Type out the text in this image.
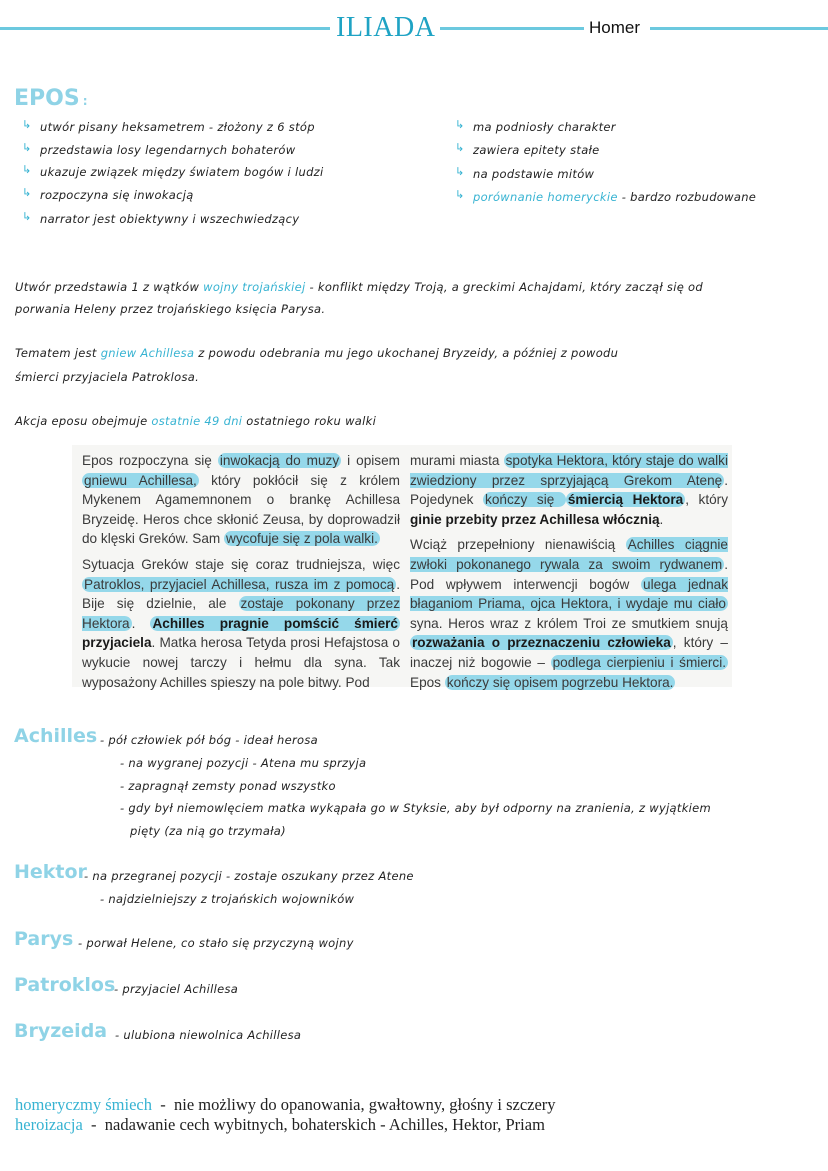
ILIADA	Homer
EPOS :

Epos rozpoczyna się inwokacją do muzy i opisem gniewu Achillesa, który pokłócił się z królem Mykenem Agamemnonem o brankę Achillesa Bryzeidę. Heros chce skłonić Zeusa, by doprowadził do klęski Greków. Sam wycofuje się z pola walki.

Sytuacja Greków staje się coraz trudniejsza, więc Patroklos, przyjaciel Achillesa, rusza im z pomocą . Bije się dzielnie, ale zostaje pokonany przez Hektora . Achilles pragnie pomścić śmierć przyjaciela. Matka herosa Tetyda prosi Hefajstosa o wykucie nowej tarczy i hełmu dla syna. Tak wyposażony Achilles spieszy na pole bitwy. Pod

murami miasta spotyka Hektora, który staje do walki zwiedziony przez sprzyjającą Grekom Atenę . Pojedynek kończy się śmiercią Hektora , który ginie przebity przez Achillesa włócznią.

Wciąż przepełniony nienawiścią Achilles ciągnie zwłoki pokonanego rywala za swoim rydwanem . Pod wpływem interwencji bogów ulega jednak błaganiom Priama, ojca Hektora, i wydaje mu ciało syna. Heros wraz z królem Troi ze smutkiem snują rozważania o przeznaczeniu człowieka , który – inaczej niż bogowie – podlega cierpieniu i śmierci. Epos kończy się opisem pogrzebu Hektora.

↳ utwór pisany heksametrem - złożony z 6 stóp
↳ przedstawia losy legendarnych bohaterów
↳ ukazuje związek między światem bogów i ludzi
↳ rozpoczyna się inwokacją
↳ narrator jest obiektywny i wszechwiedzący
↳ ma podniosły charakter
↳ zawiera epitety stałe
↳ na podstawie mitów
↳ porównanie homeryckie - bardzo rozbudowane
Utwór przedstawia 1 z wątków wojny trojańskiej - konflikt między Troją, a greckimi Achajdami, który zaczął się od
porwania Heleny przez trojańskiego księcia Parysa.
Tematem jest gniew Achillesa z powodu odebrania mu jego ukochanej Bryzeidy, a później z powodu
śmierci przyjaciela Patroklosa.
Akcja eposu obejmuje ostatnie 49 dni ostatniego roku walki
Achilles - pół człowiek pół bóg - ideał herosa
- na wygranej pozycji - Atena mu sprzyja
- zapragnął zemsty ponad wszystko
- gdy był niemowlęciem matka wykąpała go w Styksie, aby był odporny na zranienia, z wyjątkiem
pięty (za nią go trzymała)
Hektor
- na przegranej pozycji - zostaje oszukany przez Atene
- najdzielniejszy z trojańskich wojowników
Parys - porwał Helene, co stało się przyczyną wojny
Patroklos
- przyjaciel Achillesa
Bryzeida - ulubiona niewolnica Achillesa
homeryczmy śmiech  -  nie możliwy do opanowania, gwałtowny, głośny i szczery
heroizacja  -  nadawanie cech wybitnych, bohaterskich - Achilles, Hektor, Priam
